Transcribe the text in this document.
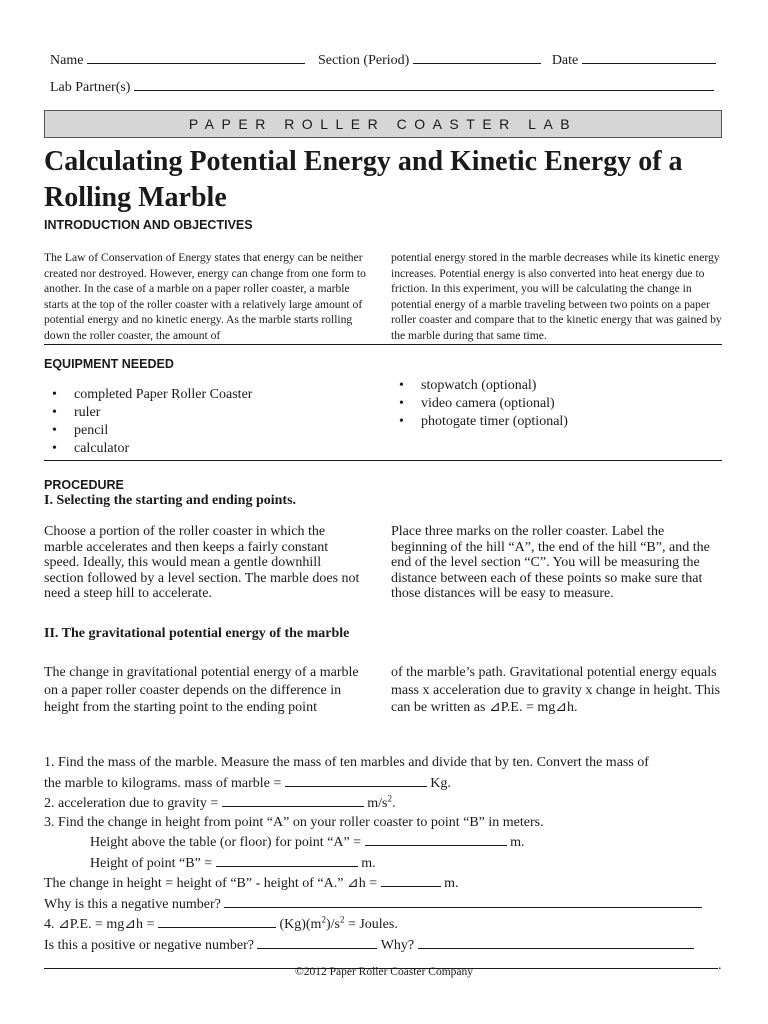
Name	Section (Period)	Date
Lab Partner(s)
PAPER ROLLER COASTER LAB
Calculating Potential Energy and Kinetic Energy of a Rolling Marble
INTRODUCTION AND OBJECTIVES
The Law of Conservation of Energy states that energy can be neither created nor destroyed. However, energy can change from one form to another. In the case of a marble on a paper roller coaster, a marble starts at the top of the roller coaster with a relatively large amount of potential energy and no kinetic energy. As the marble starts rolling down the roller coaster, the amount of
potential energy stored in the marble decreases while its kinetic energy increases. Potential energy is also converted into heat energy due to friction. In this experiment, you will be calculating the change in potential energy of a marble traveling between two points on a paper roller coaster and compare that to the kinetic energy that was gained by the marble during that same time.
EQUIPMENT NEEDED
• completed Paper Roller Coaster
• ruler
• pencil
• calculator
• stopwatch (optional)
• video camera (optional)
• photogate timer (optional)
PROCEDURE
I. Selecting the starting and ending points.
Choose a portion of the roller coaster in which the marble accelerates and then keeps a fairly constant speed. Ideally, this would mean a gentle downhill section followed by a level section. The marble does not need a steep hill to accelerate.
Place three marks on the roller coaster. Label the beginning of the hill “A”, the end of the hill “B”, and the end of the level section “C”. You will be measuring the distance between each of these points so make sure that those distances will be easy to measure.
II. The gravitational potential energy of the marble
The change in gravitational potential energy of a marble on a paper roller coaster depends on the difference in height from the starting point to the ending point
of the marble’s path. Gravitational potential energy equals mass x acceleration due to gravity x change in height. This can be written as ⊿P.E. = mg⊿h.
1. Find the mass of the marble. Measure the mass of ten marbles and divide that by ten. Convert the mass of
the marble to kilograms. mass of marble =	Kg.
2. acceleration due to gravity =	$m/s^2$.
3. Find the change in height from point “A” on your roller coaster to point “B” in meters.
Height above the table (or floor) for point “A” =	m.
Height of point “B” =	m.
The change in height = height of “B” - height of “A.” ⊿h =	m.
Why is this a negative number?
4. ⊿P.E. = mg⊿h =	$(Kg)(m^2)/s^2$ = Joules.
Is this a positive or negative number?	Why?
.
©2012 Paper Roller Coaster Company
